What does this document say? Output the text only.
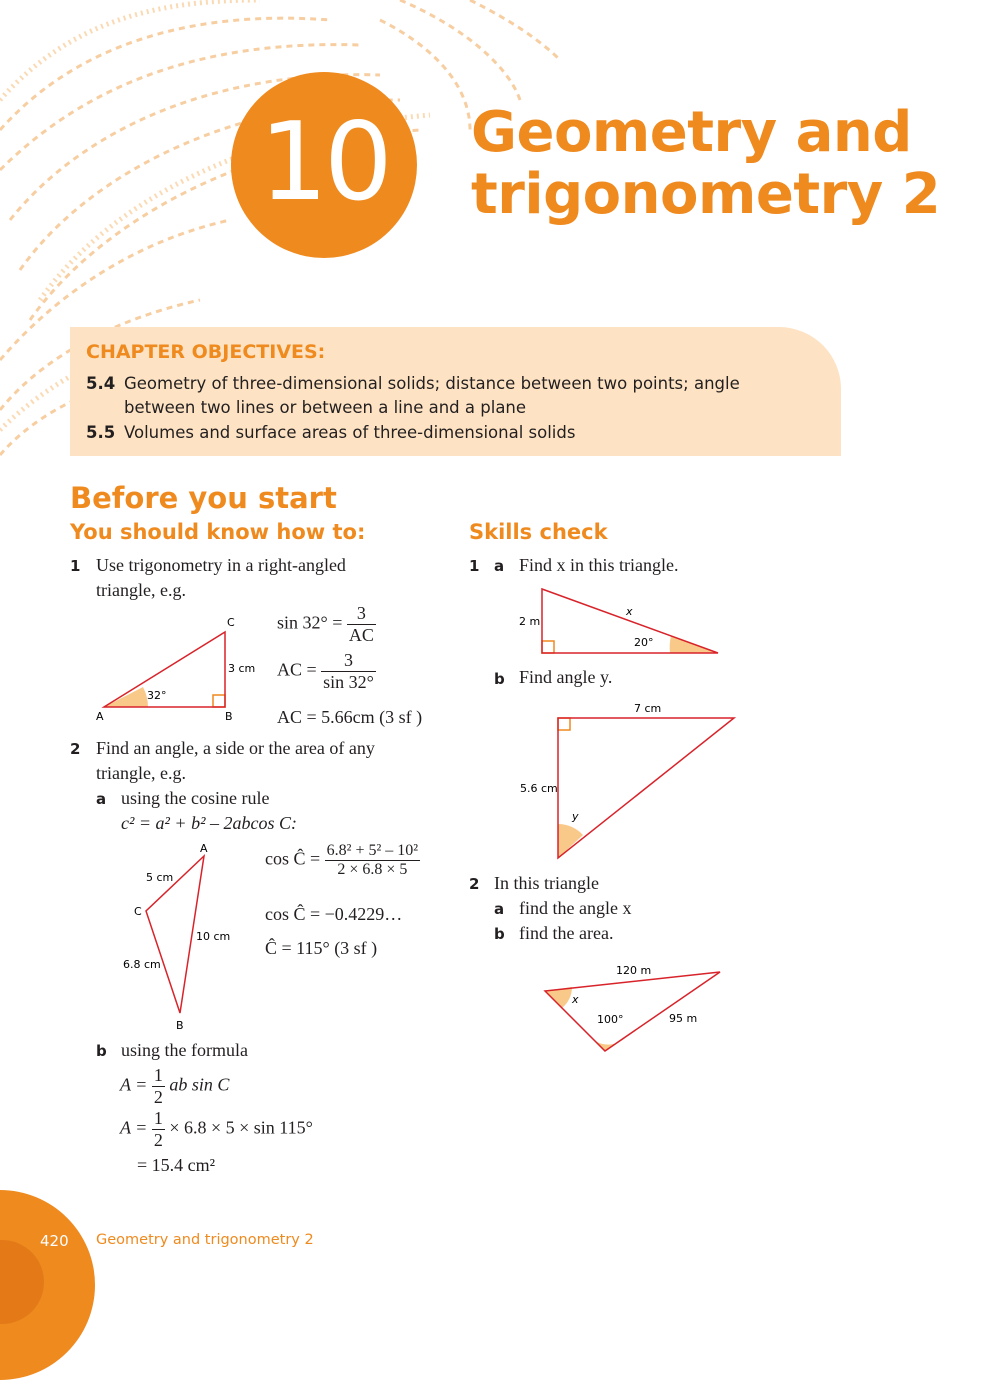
10 Geometry and
trigonometry 2
CHAPTER OBJECTIVES:
5.4 Geometry of three-dimensional solids; distance between two points; angle
between two lines or between a line and a plane
5.5 Volumes and surface areas of three-dimensional solids
Before you start
You should know how to:	Skills check
1 Use trigonometry in a right-angled
triangle, e.g.
C
A	B
3 cm
32°
$\sin 32^\circ = \frac{3}{AC}$
AC = $\frac{3}{\sin 32^\circ}$
AC = 5.66cm (3 sf )
2 Find an angle, a side or the area of any
triangle, e.g.
a using the cosine rule
c² = a² + b² – 2abcos C:
A
C
B
5 cm
10 cm
6.8 cm
cos Ĉ = $\frac{\text{6.8² + 5² – 10²}}{2 \times 6.8 \times 5}$
cos Ĉ = −0.4229…
Ĉ = 115° (3 sf )
b using the formula
$A = \frac{1}{2}$ ab sin C
$A = \frac{1}{2} \times 6.8 \times 5 \times \sin 115^\circ$
= 15.4 cm²
1 a Find x in this triangle.
2 m
x
20°
b Find angle y.
7 cm
5.6 cm
y
2 In this triangle
a find the angle x
b find the area.
120 m
95 m
100°
x
420 Geometry and trigonometry 2
